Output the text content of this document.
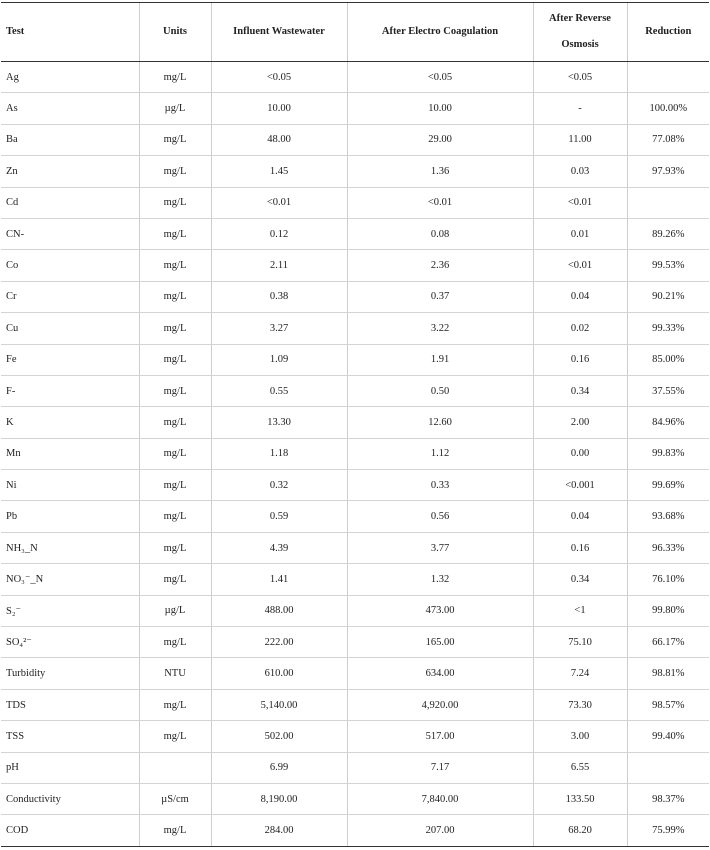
Test	Units	Influent Wastewater	After Electro Coagulation	After Reverse Osmosis	Reduction
Ag	mg/L	<0.05	<0.05	<0.05	
As	µg/L	10.00	10.00	-	100.00%
Ba	mg/L	48.00	29.00	11.00	77.08%
Zn	mg/L	1.45	1.36	0.03	97.93%
Cd	mg/L	<0.01	<0.01	<0.01	
CN-	mg/L	0.12	0.08	0.01	89.26%
Co	mg/L	2.11	2.36	<0.01	99.53%
Cr	mg/L	0.38	0.37	0.04	90.21%
Cu	mg/L	3.27	3.22	0.02	99.33%
Fe	mg/L	1.09	1.91	0.16	85.00%
F-	mg/L	0.55	0.50	0.34	37.55%
K	mg/L	13.30	12.60	2.00	84.96%
Mn	mg/L	1.18	1.12	0.00	99.83%
Ni	mg/L	0.32	0.33	<0.001	99.69%
Pb	mg/L	0.59	0.56	0.04	93.68%
NH₃_N	mg/L	4.39	3.77	0.16	96.33%
NO₃⁻_N	mg/L	1.41	1.32	0.34	76.10%
S₂⁻	µg/L	488.00	473.00	<1	99.80%
SO₄²⁻	mg/L	222.00	165.00	75.10	66.17%
Turbidity	NTU	610.00	634.00	7.24	98.81%
TDS	mg/L	5,140.00	4,920.00	73.30	98.57%
TSS	mg/L	502.00	517.00	3.00	99.40%
pH		6.99	7.17	6.55	
Conductivity	µS/cm	8,190.00	7,840.00	133.50	98.37%
COD	mg/L	284.00	207.00	68.20	75.99%
